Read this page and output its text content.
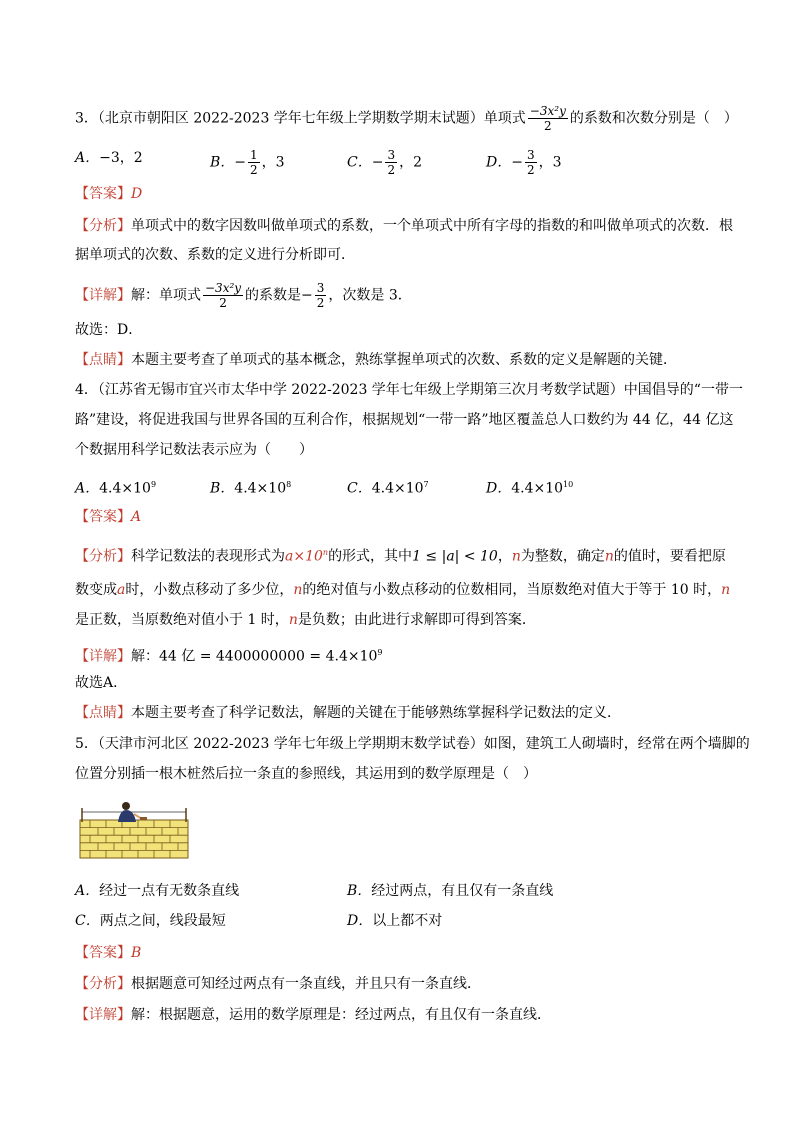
3．（北京市朝阳区 2022-2023 学年七年级上学期数学期末试题）单项式 $\frac{\text{−3x²y}}{2}$ 的系数和次数分别是（　）
A．−3，2	B．− $\frac{1}{2}$ ，3	C．− $\frac{3}{2}$ ，2	D．− $\frac{3}{2}$ ，3
【答案】D
【分析】单项式中的数字因数叫做单项式的系数，一个单项式中所有字母的指数的和叫做单项式的次数．根
据单项式的次数、系数的定义进行分析即可．
【详解】解：单项式 $\frac{\text{−3x²y}}{2}$ 的系数是− $\frac{3}{2}$ ，次数是 3．
故选：D．
【点睛】本题主要考查了单项式的基本概念，熟练掌握单项式的次数、系数的定义是解题的关键．
4．（江苏省无锡市宜兴市太华中学 2022-2023 学年七年级上学期第三次月考数学试题）中国倡导的“一带一
路”建设，将促进我国与世界各国的互利合作，根据规划“一带一路”地区覆盖总人口数约为 44 亿，44 亿这
个数据用科学记数法表示应为（　　）
A．$4.4\times 10^9$	B．$4.4\times 10^8$	C．$4.4\times 10^7$	D．$4.4\times 10^{10}$
【答案】A
【分析】科学记数法的表现形式为$a\times 10^n$的形式，其中1 ≤ |a| < 10，n为整数，确定n的值时，要看把原
数变成a时，小数点移动了多少位，n的绝对值与小数点移动的位数相同，当原数绝对值大于等于 10 时，n
是正数，当原数绝对值小于 1 时，n是负数；由此进行求解即可得到答案．
【详解】解：44 亿 = $4400000000 = 4.4\times 10^9$
故选A．
【点睛】本题主要考查了科学记数法，解题的关键在于能够熟练掌握科学记数法的定义．
5．（天津市河北区 2022-2023 学年七年级上学期期末数学试卷）如图，建筑工人砌墙时，经常在两个墙脚的
位置分别插一根木桩然后拉一条直的参照线，其运用到的数学原理是（　）
A．经过一点有无数条直线	B．经过两点，有且仅有一条直线
C．两点之间，线段最短	D．以上都不对
【答案】B
【分析】根据题意可知经过两点有一条直线，并且只有一条直线．
【详解】解：根据题意，运用的数学原理是：经过两点，有且仅有一条直线．
